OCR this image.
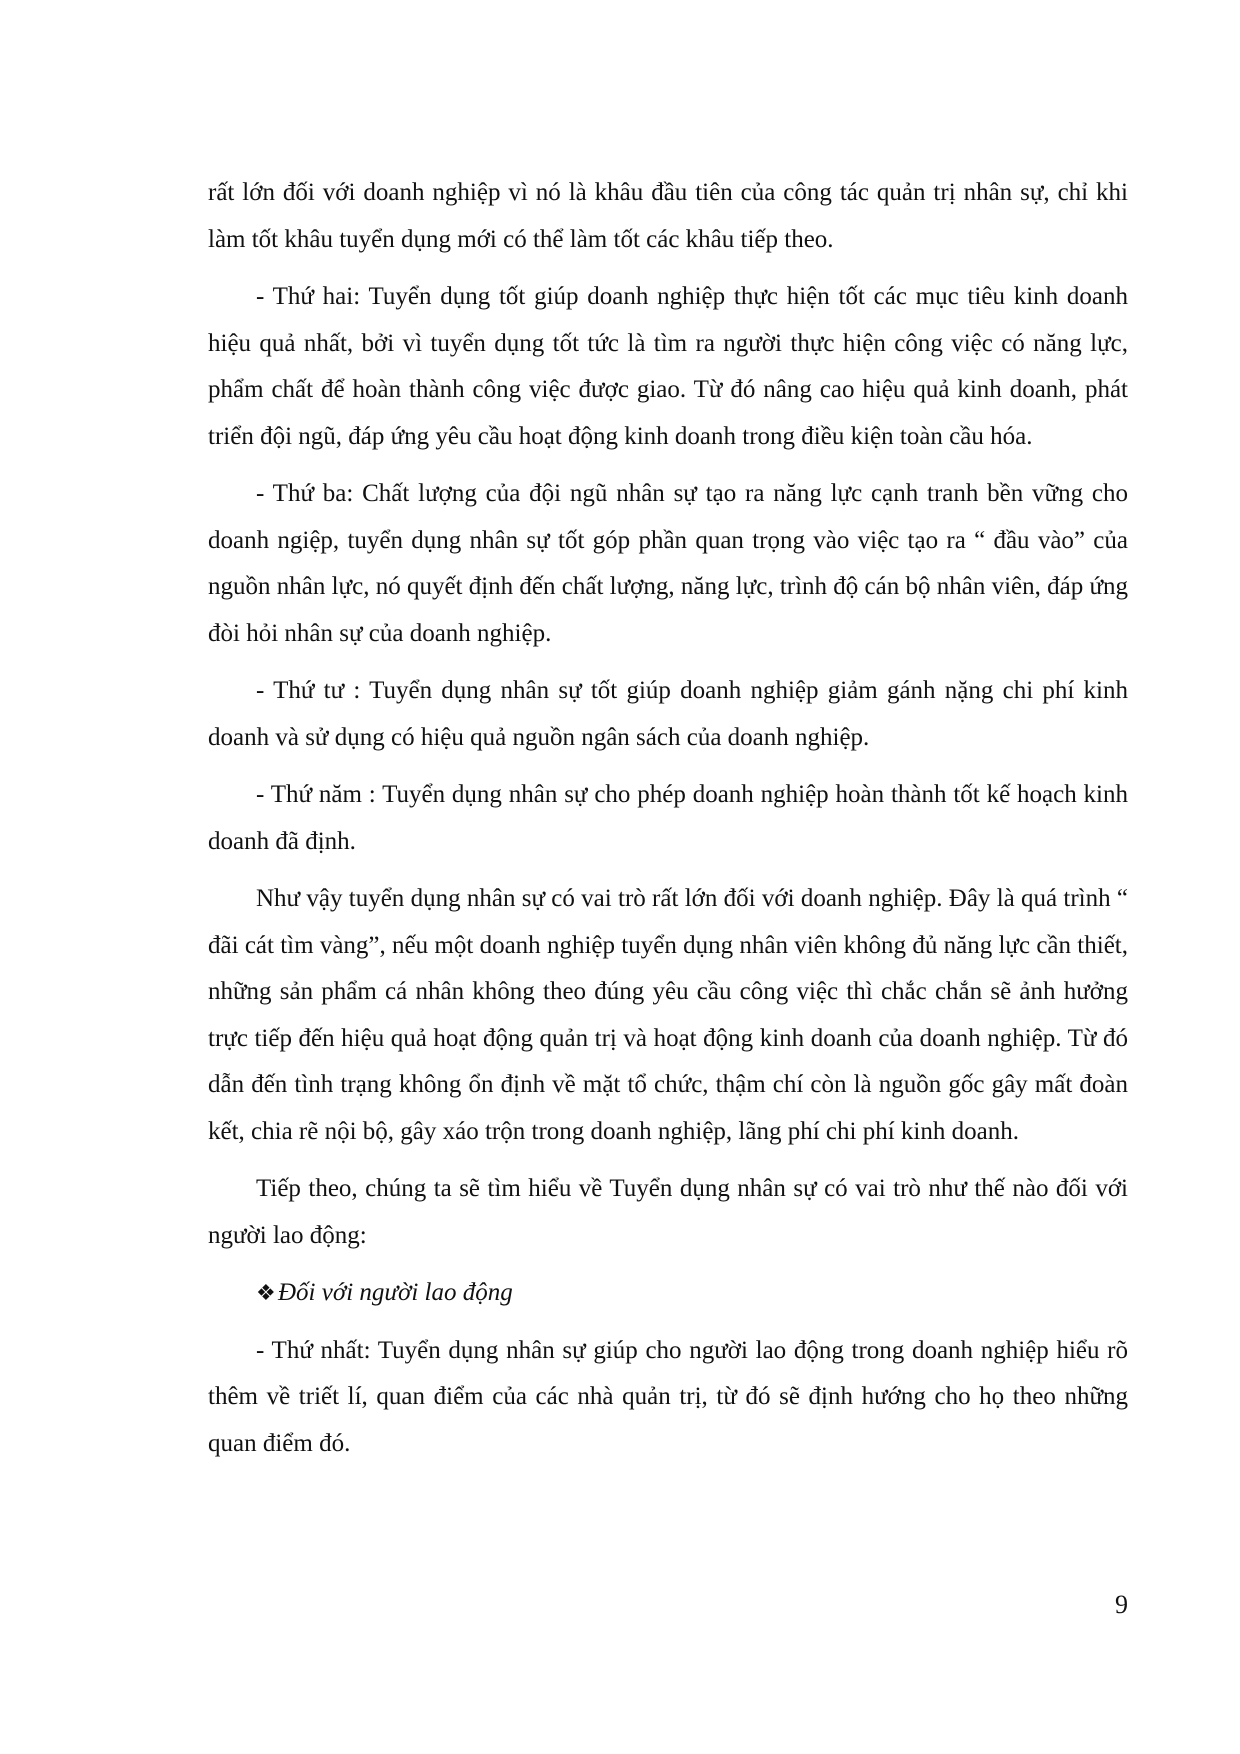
rất lớn đối với doanh nghiệp vì nó là khâu đầu tiên của công tác quản trị nhân sự, chỉ khi làm tốt khâu tuyển dụng mới có thể làm tốt các khâu tiếp theo.

- Thứ hai: Tuyển dụng tốt giúp doanh nghiệp thực hiện tốt các mục tiêu kinh doanh hiệu quả nhất, bởi vì tuyển dụng tốt tức là tìm ra người thực hiện công việc có năng lực, phẩm chất để hoàn thành công việc được giao. Từ đó nâng cao hiệu quả kinh doanh, phát triển đội ngũ, đáp ứng yêu cầu hoạt động kinh doanh trong điều kiện toàn cầu hóa.

- Thứ ba: Chất lượng của đội ngũ nhân sự tạo ra năng lực cạnh tranh bền vững cho doanh ngiệp, tuyển dụng nhân sự tốt góp phần quan trọng vào việc tạo ra “ đầu vào” của nguồn nhân lực, nó quyết định đến chất lượng, năng lực, trình độ cán bộ nhân viên, đáp ứng đòi hỏi nhân sự của doanh nghiệp.

- Thứ tư : Tuyển dụng nhân sự tốt giúp doanh nghiệp giảm gánh nặng chi phí kinh doanh và sử dụng có hiệu quả nguồn ngân sách của doanh nghiệp.

- Thứ năm : Tuyển dụng nhân sự cho phép doanh nghiệp hoàn thành tốt kế hoạch kinh doanh đã định.

Như vậy tuyển dụng nhân sự có vai trò rất lớn đối với doanh nghiệp. Đây là quá trình “ đãi cát tìm vàng”, nếu một doanh nghiệp tuyển dụng nhân viên không đủ năng lực cần thiết, những sản phẩm cá nhân không theo đúng yêu cầu công việc thì chắc chắn sẽ ảnh hưởng trực tiếp đến hiệu quả hoạt động quản trị và hoạt động kinh doanh của doanh nghiệp. Từ đó dẫn đến tình trạng không ổn định về mặt tổ chức, thậm chí còn là nguồn gốc gây mất đoàn kết, chia rẽ nội bộ, gây xáo trộn trong doanh nghiệp, lãng phí chi phí kinh doanh.

Tiếp theo, chúng ta sẽ tìm hiểu về Tuyển dụng nhân sự có vai trò như thế nào đối với người lao động:

❖Đối với người lao động

- Thứ nhất: Tuyển dụng nhân sự giúp cho người lao động trong doanh nghiệp hiểu rõ thêm về triết lí, quan điểm của các nhà quản trị, từ đó sẽ định hướng cho họ theo những quan điểm đó.

9
